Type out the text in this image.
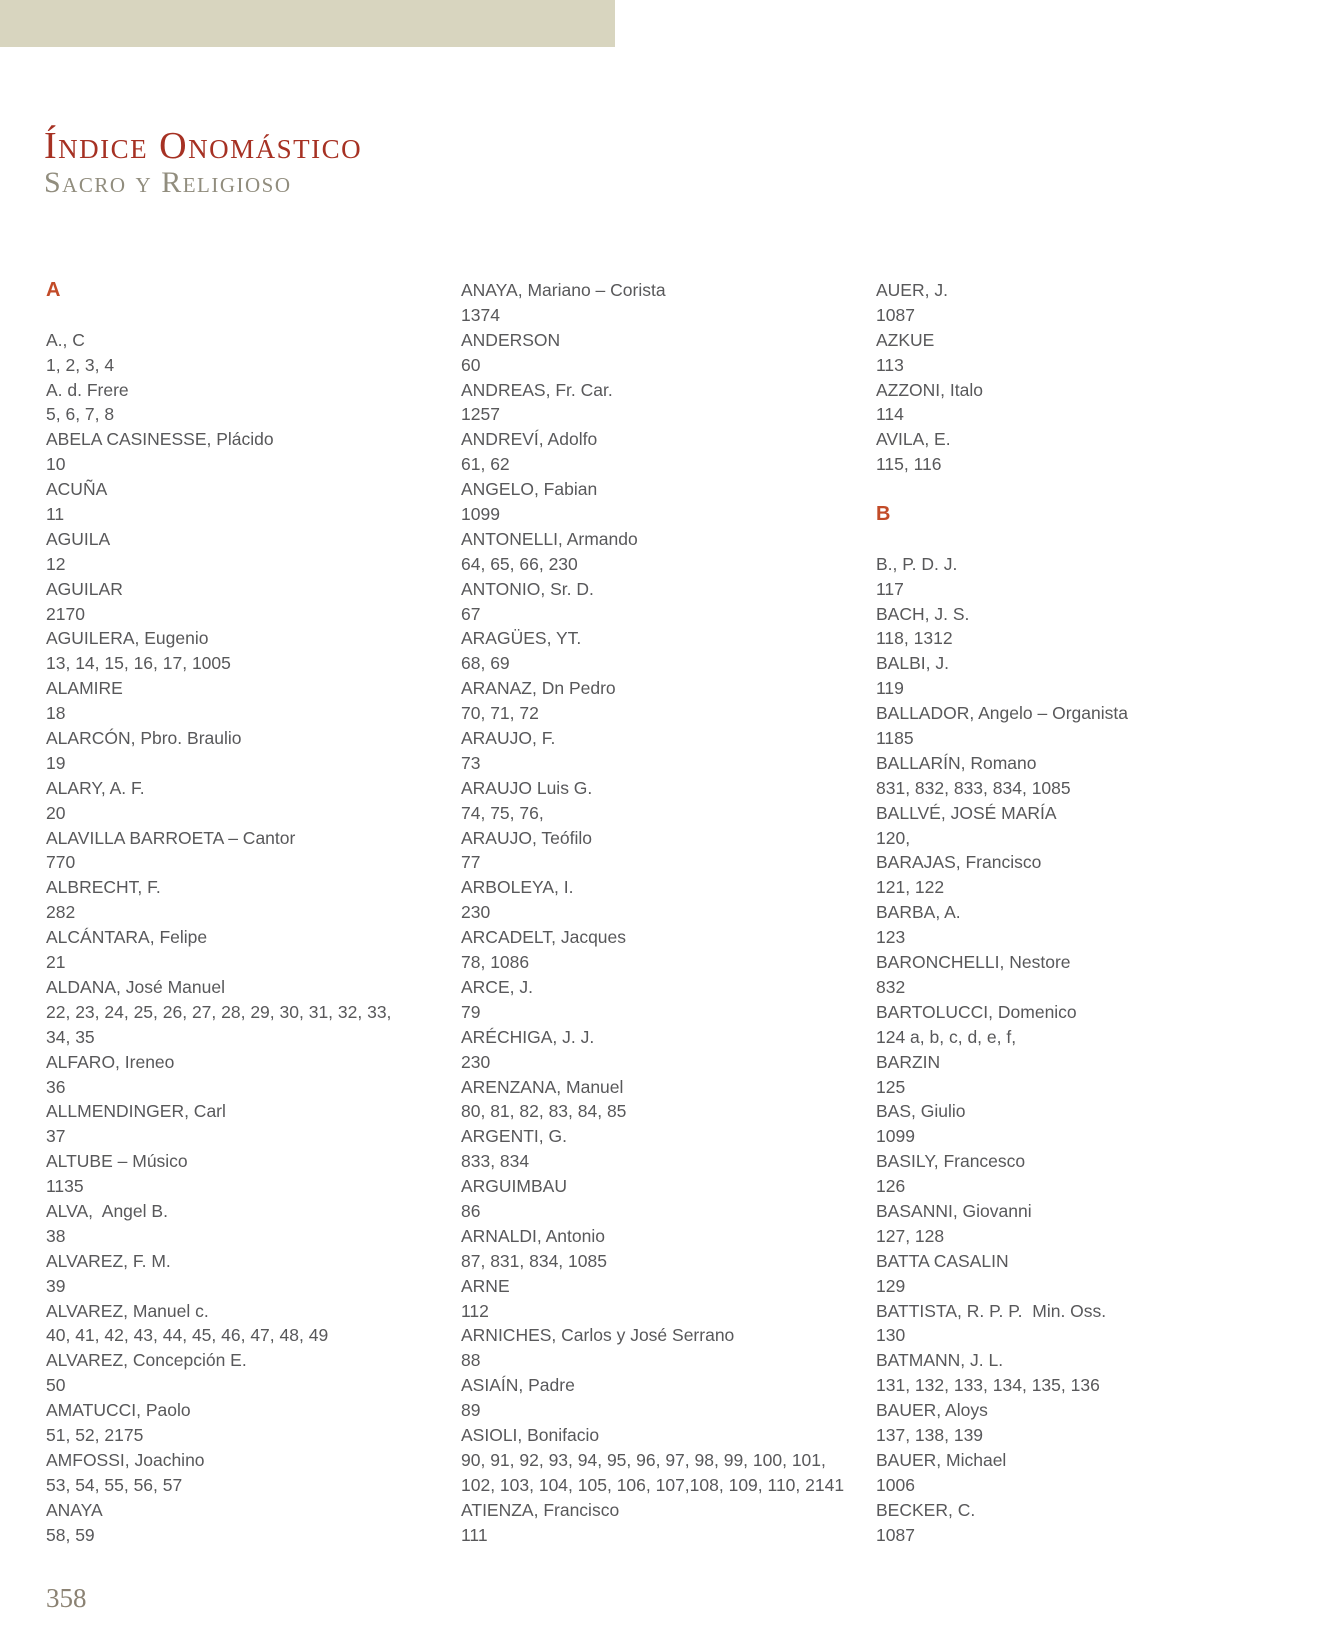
Índice Onomástico
Sacro y Religioso
A
A., C
1, 2, 3, 4
A. d. Frere
5, 6, 7, 8
ABELA CASINESSE, Plácido
10
ACUÑA
11
AGUILA
12
AGUILAR
2170
AGUILERA, Eugenio
13, 14, 15, 16, 17, 1005
ALAMIRE
18
ALARCÓN, Pbro. Braulio
19
ALARY, A. F.
20
ALAVILLA BARROETA – Cantor
770
ALBRECHT, F.
282
ALCÁNTARA, Felipe
21
ALDANA, José Manuel
22, 23, 24, 25, 26, 27, 28, 29, 30, 31, 32, 33,
34, 35
ALFARO, Ireneo
36
ALLMENDINGER, Carl
37
ALTUBE – Músico
1135
ALVA,  Angel B.
38
ALVAREZ, F. M.
39
ALVAREZ, Manuel c.
40, 41, 42, 43, 44, 45, 46, 47, 48, 49
ALVAREZ, Concepción E.
50
AMATUCCI, Paolo
51, 52, 2175
AMFOSSI, Joachino
53, 54, 55, 56, 57
ANAYA
58, 59
ANAYA, Mariano – Corista
1374
ANDERSON
60
ANDREAS, Fr. Car.
1257
ANDREVÍ, Adolfo
61, 62
ANGELO, Fabian
1099
ANTONELLI, Armando
64, 65, 66, 230
ANTONIO, Sr. D.
67
ARAGÜES, YT.
68, 69
ARANAZ, Dn Pedro
70, 71, 72
ARAUJO, F.
73
ARAUJO Luis G.
74, 75, 76,
ARAUJO, Teófilo
77
ARBOLEYA, I.
230
ARCADELT, Jacques
78, 1086
ARCE, J.
79
ARÉCHIGA, J. J.
230
ARENZANA, Manuel
80, 81, 82, 83, 84, 85
ARGENTI, G.
833, 834
ARGUIMBAU
86
ARNALDI, Antonio
87, 831, 834, 1085
ARNE
112
ARNICHES, Carlos y José Serrano
88
ASIAÍN, Padre
89
ASIOLI, Bonifacio
90, 91, 92, 93, 94, 95, 96, 97, 98, 99, 100, 101,
102, 103, 104, 105, 106, 107,108, 109, 110, 2141
ATIENZA, Francisco
111
AUER, J.
1087
AZKUE
113
AZZONI, Italo
114
AVILA, E.
115, 116
B
B., P. D. J.
117
BACH, J. S.
118, 1312
BALBI, J.
119
BALLADOR, Angelo – Organista
1185
BALLARÍN, Romano
831, 832, 833, 834, 1085
BALLVÉ, JOSÉ MARÍA
120,
BARAJAS, Francisco
121, 122
BARBA, A.
123
BARONCHELLI, Nestore
832
BARTOLUCCI, Domenico
124 a, b, c, d, e, f,
BARZIN
125
BAS, Giulio
1099
BASILY, Francesco
126
BASANNI, Giovanni
127, 128
BATTA CASALIN
129
BATTISTA, R. P. P.  Min. Oss.
130
BATMANN, J. L.
131, 132, 133, 134, 135, 136
BAUER, Aloys
137, 138, 139
BAUER, Michael
1006
BECKER, C.
1087
358
